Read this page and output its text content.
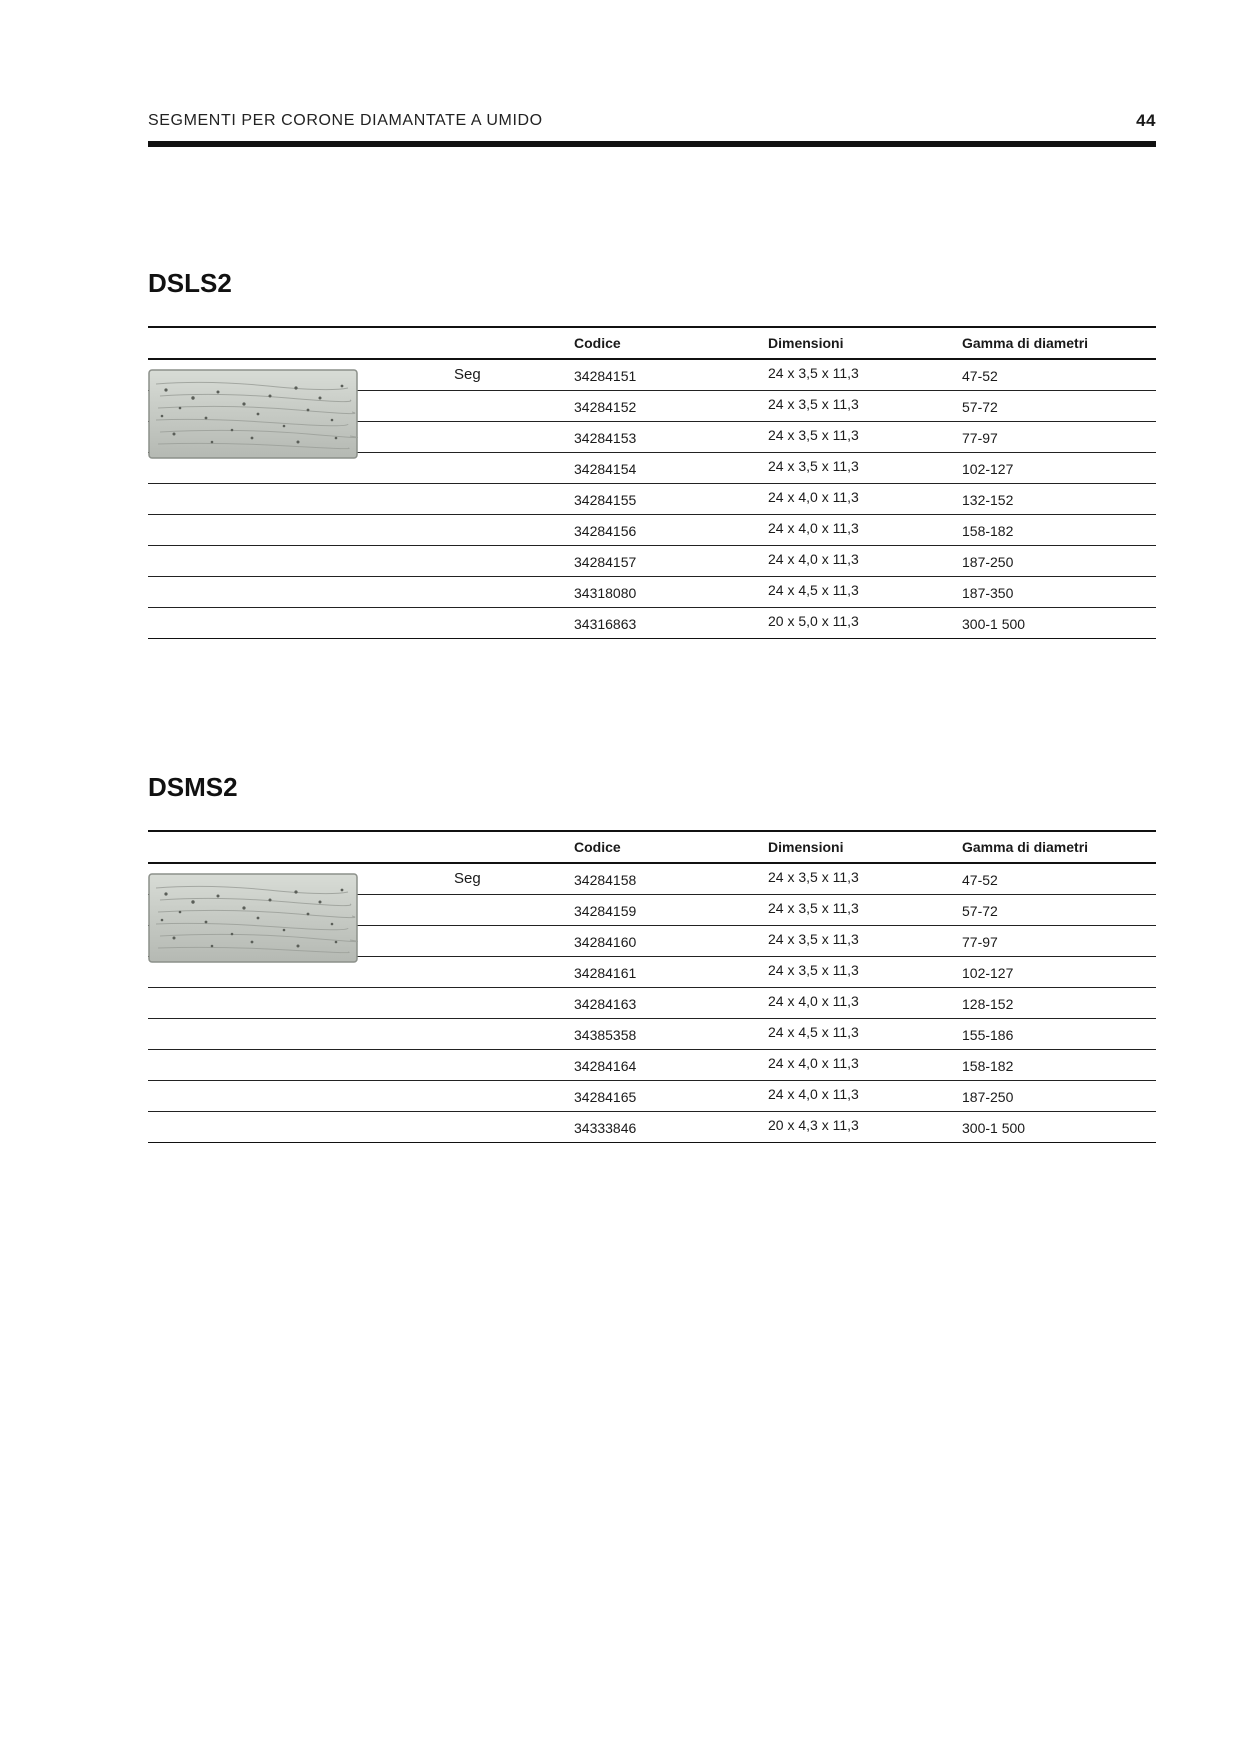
SEGMENTI PER CORONE DIAMANTATE A UMIDO	44
DSLS2
Codice	Dimensioni	Gamma di diametri
34284151	24 x 3,5 x 11,3	47-52
34284152	24 x 3,5 x 11,3	57-72
34284153	24 x 3,5 x 11,3	77-97
34284154	24 x 3,5 x 11,3	102-127
34284155	24 x 4,0 x 11,3	132-152
34284156	24 x 4,0 x 11,3	158-182
34284157	24 x 4,0 x 11,3	187-250
34318080	24 x 4,5 x 11,3	187-350
34316863	20 x 5,0 x 11,3	300-1 500
Seg
DSMS2
Codice	Dimensioni	Gamma di diametri
34284158	24 x 3,5 x 11,3	47-52
34284159	24 x 3,5 x 11,3	57-72
34284160	24 x 3,5 x 11,3	77-97
34284161	24 x 3,5 x 11,3	102-127
34284163	24 x 4,0 x 11,3	128-152
34385358	24 x 4,5 x 11,3	155-186
34284164	24 x 4,0 x 11,3	158-182
34284165	24 x 4,0 x 11,3	187-250
34333846	20 x 4,3 x 11,3	300-1 500
Seg
